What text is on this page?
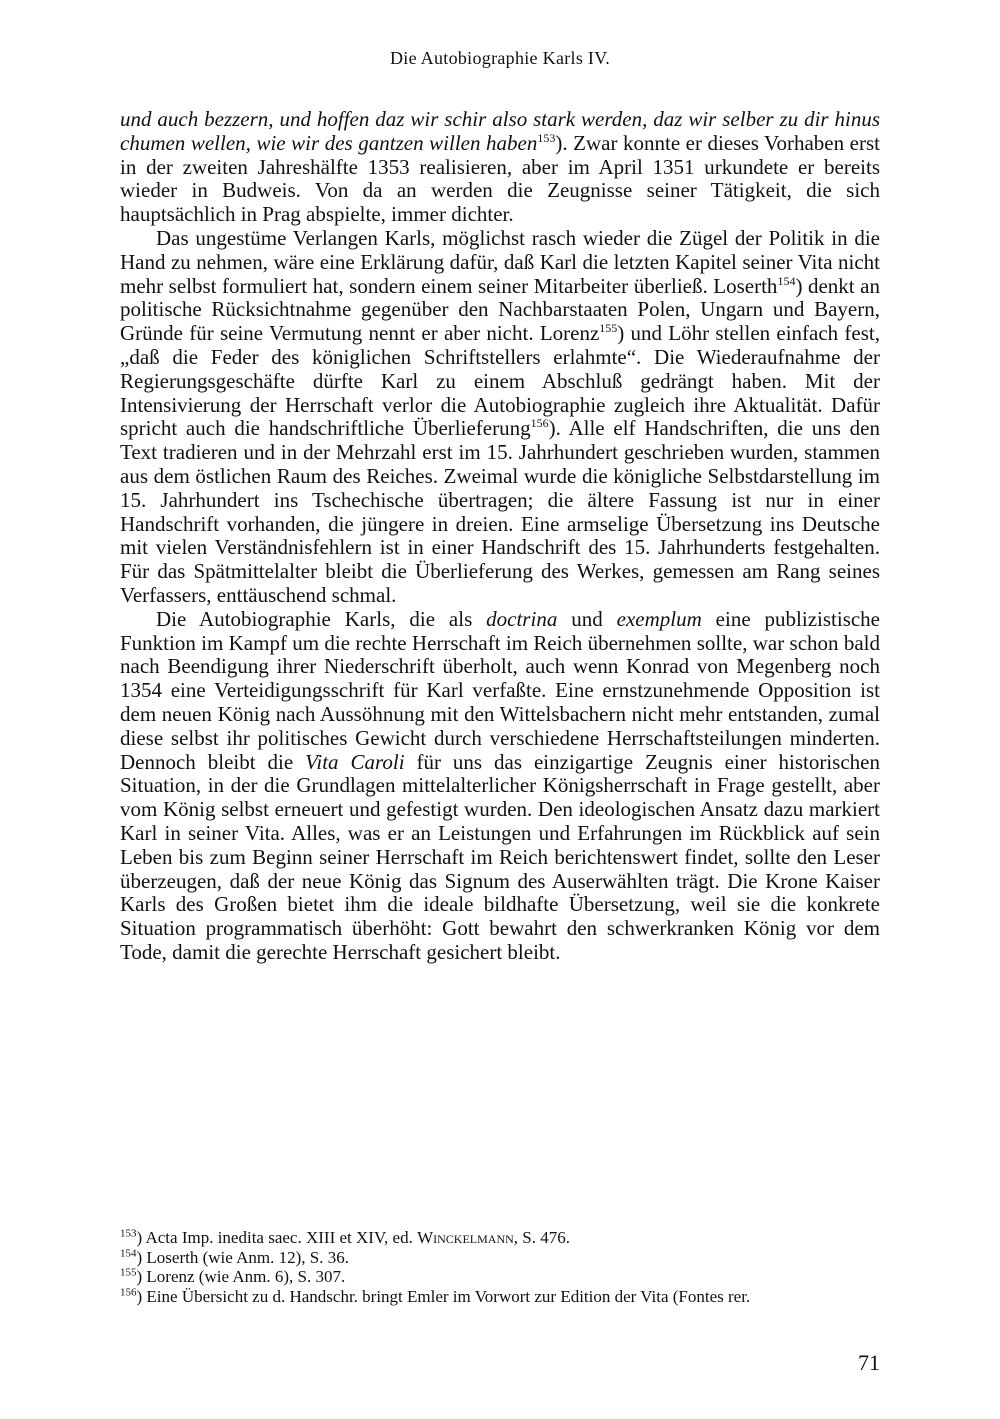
Die Autobiographie Karls IV.

und auch bezzern, und hoffen daz wir schir also stark werden, daz wir selber zu dir hinus chumen wellen, wie wir des gantzen willen haben$^{153}$). Zwar konnte er dieses Vorhaben erst in der zweiten Jahreshälfte 1353 realisieren, aber im April 1351 urkundete er bereits wieder in Budweis. Von da an werden die Zeugnisse seiner Tätigkeit, die sich hauptsächlich in Prag abspielte, immer dichter.

Das ungestüme Verlangen Karls, möglichst rasch wieder die Zügel der Politik in die Hand zu nehmen, wäre eine Erklärung dafür, daß Karl die letzten Kapitel seiner Vita nicht mehr selbst formuliert hat, sondern einem seiner Mitarbeiter überließ. Loserth$^{154}$) denkt an politische Rücksichtnahme gegenüber den Nachbarstaaten Polen, Ungarn und Bayern, Gründe für seine Vermutung nennt er aber nicht. Lorenz$^{155}$) und Löhr stellen einfach fest, „daß die Feder des königlichen Schriftstellers erlahmte“. Die Wiederaufnahme der Regierungsgeschäfte dürfte Karl zu einem Abschluß gedrängt haben. Mit der Intensivierung der Herrschaft verlor die Autobiographie zugleich ihre Aktualität. Dafür spricht auch die handschriftliche Überlieferung$^{156}$). Alle elf Handschriften, die uns den Text tradieren und in der Mehrzahl erst im 15. Jahrhundert geschrieben wurden, stammen aus dem östlichen Raum des Reiches. Zweimal wurde die königliche Selbstdarstellung im 15. Jahrhundert ins Tschechische übertragen; die ältere Fassung ist nur in einer Handschrift vorhanden, die jüngere in dreien. Eine armselige Übersetzung ins Deutsche mit vielen Verständnisfehlern ist in einer Handschrift des 15. Jahrhunderts festgehalten. Für das Spätmittelalter bleibt die Überlieferung des Werkes, gemessen am Rang seines Verfassers, enttäuschend schmal.

Die Autobiographie Karls, die als doctrina und exemplum eine publizistische Funktion im Kampf um die rechte Herrschaft im Reich übernehmen sollte, war schon bald nach Beendigung ihrer Niederschrift überholt, auch wenn Konrad von Megenberg noch 1354 eine Verteidigungsschrift für Karl verfaßte. Eine ernstzunehmende Opposition ist dem neuen König nach Aussöhnung mit den Wittelsbachern nicht mehr entstanden, zumal diese selbst ihr politisches Gewicht durch verschiedene Herrschaftsteilungen minderten. Dennoch bleibt die Vita Caroli für uns das einzigartige Zeugnis einer historischen Situation, in der die Grundlagen mittelalterlicher Königsherrschaft in Frage gestellt, aber vom König selbst erneuert und gefestigt wurden. Den ideologischen Ansatz dazu markiert Karl in seiner Vita. Alles, was er an Leistungen und Erfahrungen im Rückblick auf sein Leben bis zum Beginn seiner Herrschaft im Reich berichtenswert findet, sollte den Leser überzeugen, daß der neue König das Signum des Auserwählten trägt. Die Krone Kaiser Karls des Großen bietet ihm die ideale bildhafte Übersetzung, weil sie die konkrete Situation programmatisch überhöht: Gott bewahrt den schwerkranken König vor dem Tode, damit die gerechte Herrschaft gesichert bleibt.

$^{153}$) Acta Imp. inedita saec. XIII et XIV, ed. Winckelmann, S. 476.
$^{154}$) Loserth (wie Anm. 12), S. 36.
$^{155}$) Lorenz (wie Anm. 6), S. 307.
$^{156}$) Eine Übersicht zu d. Handschr. bringt Emler im Vorwort zur Edition der Vita (Fontes rer.
71
